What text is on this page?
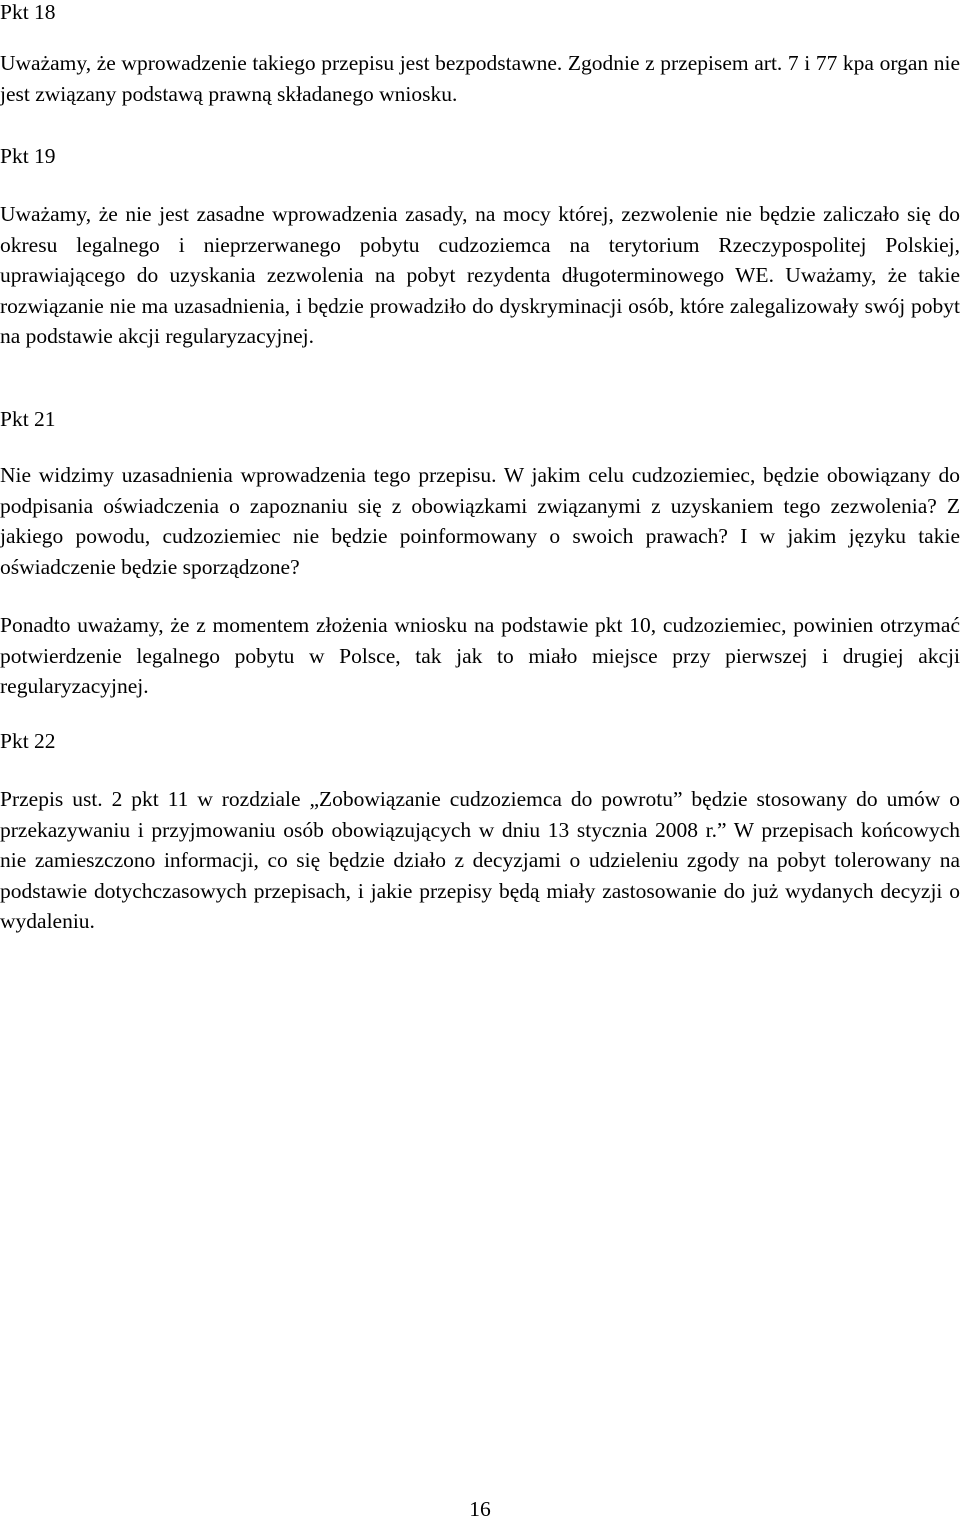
Pkt 18

Uważamy, że wprowadzenie takiego przepisu jest bezpodstawne. Zgodnie z przepisem art. 7 i 77 kpa organ nie jest związany podstawą prawną składanego wniosku.

Pkt 19

Uważamy, że nie jest zasadne wprowadzenia zasady, na mocy której, zezwolenie nie będzie zaliczało się do okresu legalnego i nieprzerwanego pobytu cudzoziemca na terytorium Rzeczypospolitej Polskiej, uprawiającego do uzyskania zezwolenia na pobyt rezydenta długoterminowego WE. Uważamy, że takie rozwiązanie nie ma uzasadnienia, i będzie prowadziło do dyskryminacji osób, które zalegalizowały swój pobyt na podstawie akcji regularyzacyjnej.

Pkt 21

Nie widzimy uzasadnienia wprowadzenia tego przepisu. W jakim celu cudzoziemiec, będzie obowiązany do podpisania oświadczenia o zapoznaniu się z obowiązkami związanymi z uzyskaniem tego zezwolenia? Z jakiego powodu, cudzoziemiec nie będzie poinformowany o swoich prawach? I w jakim języku takie oświadczenie będzie sporządzone?

Ponadto uważamy, że z momentem złożenia wniosku na podstawie pkt 10, cudzoziemiec, powinien otrzymać potwierdzenie legalnego pobytu w Polsce, tak jak to miało miejsce przy pierwszej i drugiej akcji regularyzacyjnej.

Pkt 22

Przepis ust. 2 pkt 11 w rozdziale „Zobowiązanie cudzoziemca do powrotu” będzie stosowany do umów o przekazywaniu i przyjmowaniu osób obowiązujących w dniu 13 stycznia 2008 r.” W przepisach końcowych nie zamieszczono informacji, co się będzie działo z decyzjami o udzieleniu zgody na pobyt tolerowany na podstawie dotychczasowych przepisach, i jakie przepisy będą miały zastosowanie do już wydanych decyzji o wydaleniu.

16
